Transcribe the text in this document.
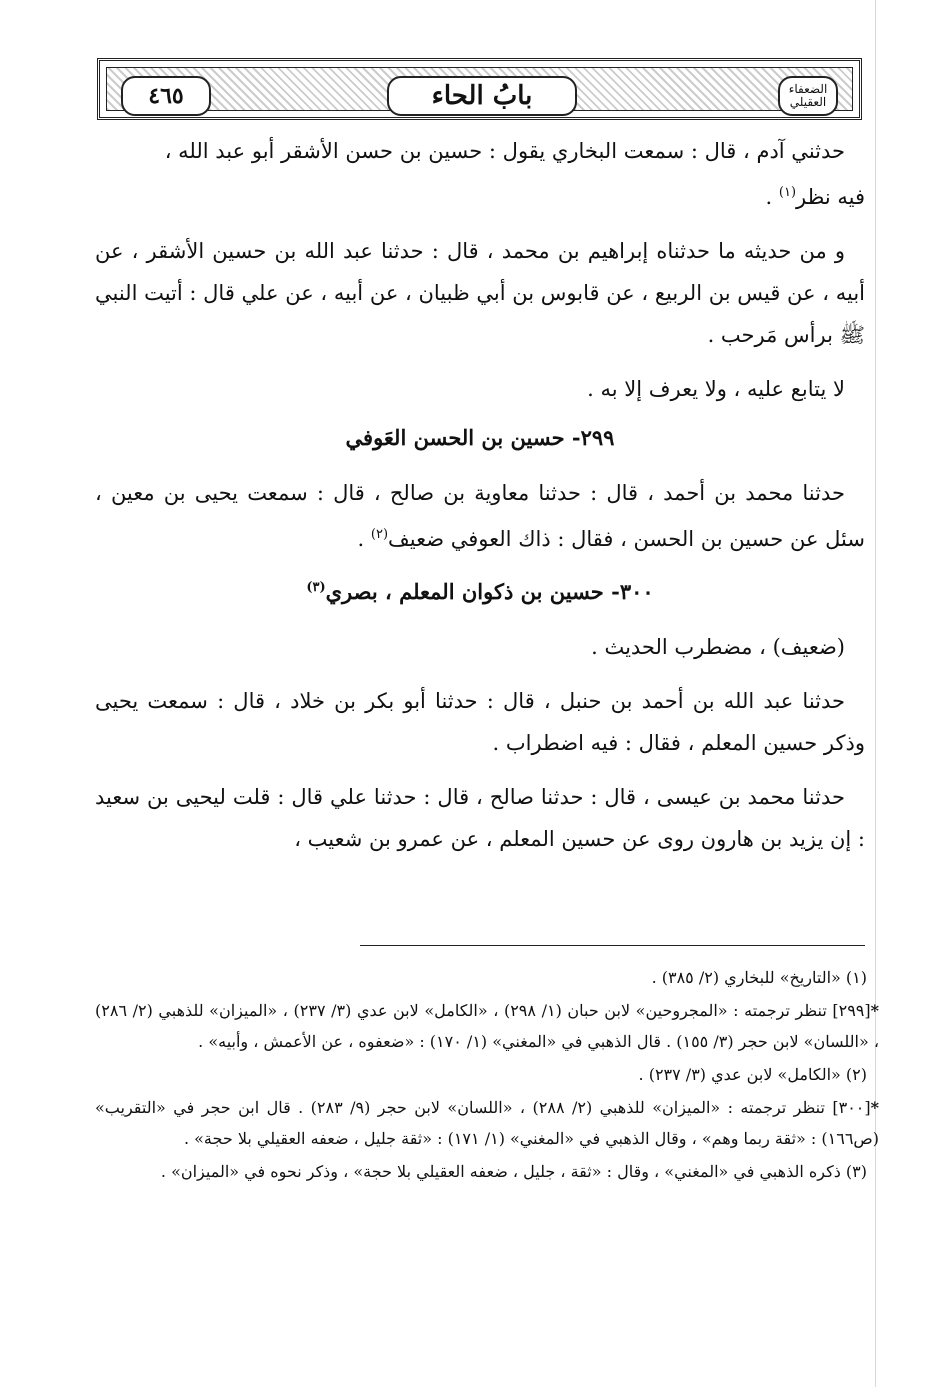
٤٦٥	بابُ الحاء	الضعفاء العقيلي

حدثني آدم ، قال : سمعت البخاري يقول : حسين بن حسن الأشقر أبو عبد الله ،
فيه نظر$^{(١)}$ .

و من حديثه ما حدثناه إبراهيم بن محمد ، قال : حدثنا عبد الله بن حسين الأشقر ، عن أبيه ، عن قيس بن الربيع ، عن قابوس بن أبي ظبيان ، عن أبيه ، عن علي قال : أتيت النبي ﷺ برأس مَرحب .

لا يتابع عليه ، ولا يعرف إلا به .

٢٩٩- حسين بن الحسن العَوفي

حدثنا محمد بن أحمد ، قال : حدثنا معاوية بن صالح ، قال : سمعت يحيى بن معين ، سئل عن حسين بن الحسن ، فقال : ذاك العوفي ضعيف$^{(٢)}$ .

٣٠٠- حسين بن ذكوان المعلم ، بصري$^{(٣)}$

(ضعيف) ، مضطرب الحديث .

حدثنا عبد الله بن أحمد بن حنبل ، قال : حدثنا أبو بكر بن خلاد ، قال : سمعت يحيى وذكر حسين المعلم ، فقال : فيه اضطراب .

حدثنا محمد بن عيسى ، قال : حدثنا صالح ، قال : حدثنا علي قال : قلت ليحيى بن سعيد : إن يزيد بن هارون روى عن حسين المعلم ، عن عمرو بن شعيب ،

(١) «التاريخ» للبخاري (٢/ ٣٨٥) .

*[٢٩٩] تنظر ترجمته : «المجروحين» لابن حبان (١/ ٢٩٨) ، «الكامل» لابن عدي (٣/ ٢٣٧) ، «الميزان» للذهبي (٢/ ٢٨٦) ، «اللسان» لابن حجر (٣/ ١٥٥) . قال الذهبي في «المغني» (١/ ١٧٠) : «ضعفوه ، عن الأعمش ، وأبيه» .

(٢) «الكامل» لابن عدي (٣/ ٢٣٧) .

*[٣٠٠] تنظر ترجمته : «الميزان» للذهبي (٢/ ٢٨٨) ، «اللسان» لابن حجر (٩/ ٢٨٣) . قال ابن حجر في «التقريب» (ص١٦٦) : «ثقة ربما وهم» ، وقال الذهبي في «المغني» (١/ ١٧١) : «ثقة جليل ، ضعفه العقيلي بلا حجة» .

(٣) ذكره الذهبي في «المغني» ، وقال : «ثقة ، جليل ، ضعفه العقيلي بلا حجة» ، وذكر نحوه في «الميزان» .
